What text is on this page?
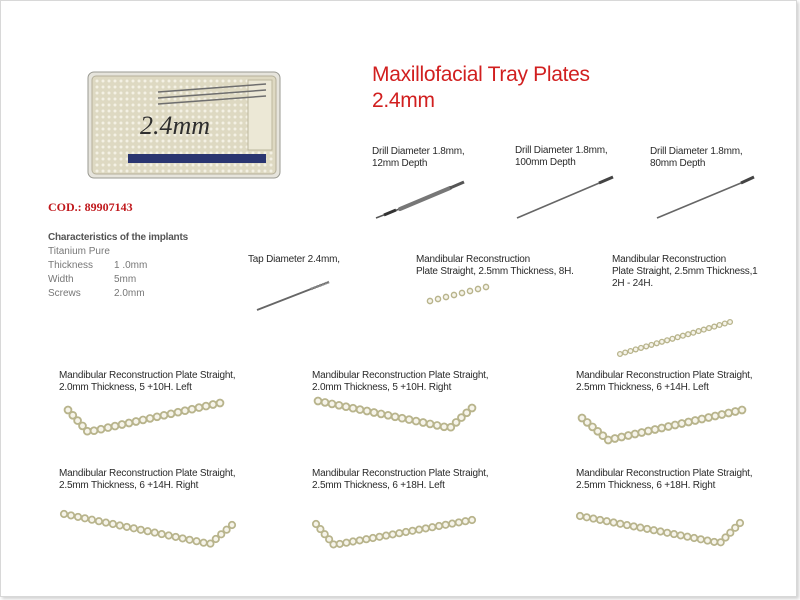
Maxillofacial Tray Plates
2.4mm
2.4mm
COD.: 89907143
Characteristics of the implants
Titanium Pure	
Thickness	1 .0mm
Width	5mm
Screws	2.0mm
Drill Diameter 1.8mm,
12mm Depth
Drill Diameter 1.8mm,
100mm Depth
Drill Diameter 1.8mm,
80mm Depth
Tap Diameter 2.4mm,	Mandibular Reconstruction
Plate Straight, 2.5mm Thickness, 8H.
Mandibular Reconstruction
Plate Straight, 2.5mm Thickness,1
2H - 24H.
Mandibular Reconstruction Plate Straight,
2.0mm Thickness, 5 +10H. Left
Mandibular Reconstruction Plate Straight,
2.0mm Thickness, 5 +10H. Right
Mandibular Reconstruction Plate Straight,
2.5mm Thickness, 6 +14H. Left
Mandibular Reconstruction Plate Straight,
2.5mm Thickness, 6 +14H. Right
Mandibular Reconstruction Plate Straight,
2.5mm Thickness, 6 +18H. Left
Mandibular Reconstruction Plate Straight,
2.5mm Thickness, 6 +18H. Right
